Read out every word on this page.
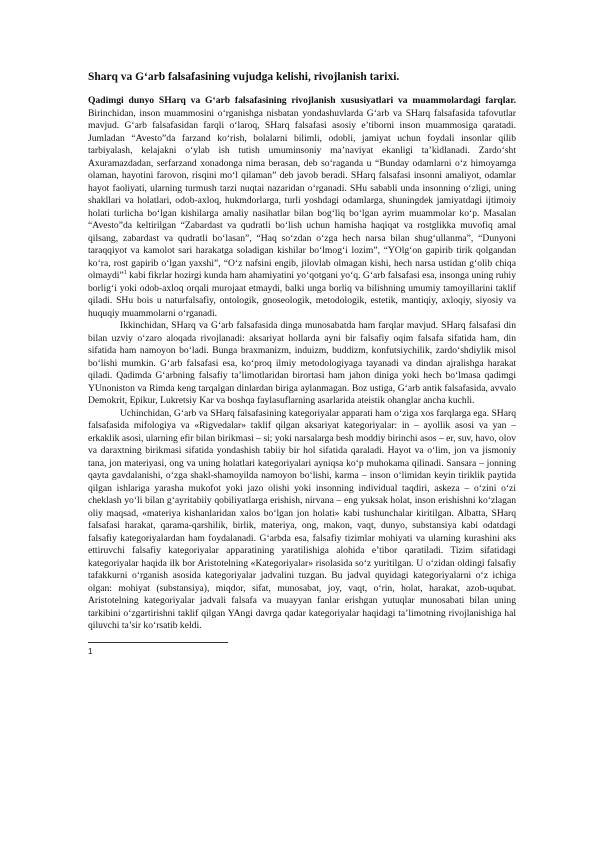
Sharq va G‘arb falsafasining vujudga kelishi, rivojlanish tarixi.

Qadimgi dunyo SHarq va G‘arb falsafasining rivojlanish xususiyatlari va muammolardagi farqlar. Birinchidan, inson muammosini o‘rganishga nisbatan yondashuvlarda G‘arb va SHarq falsafasida tafovutlar mavjud. G‘arb falsafasidan farqli o‘laroq, SHarq falsafasi asosiy e’tiborni inson muammosiga qaratadi. Jumladan “Avesto”da farzand ko‘rish, bolalarni bilimli, odobli, jamiyat uchun foydali insonlar qilib tarbiyalash, kelajakni o‘ylab ish tutish umuminsoniy ma’naviyat ekanligi ta’kidlanadi. Zardo‘sht Axuramazdadan, serfarzand xonadonga nima berasan, deb so‘raganda u “Bunday odamlarni o‘z himoyamga olaman, hayotini farovon, risqini mo‘l qilaman” deb javob beradi. SHarq falsafasi insonni amaliyot, odamlar hayot faoliyati, ularning turmush tarzi nuqtai nazaridan o‘rganadi. SHu sababli unda insonning o‘zligi, uning shakllari va holatlari, odob-axloq, hukmdorlarga, turli yoshdagi odamlarga, shuningdek jamiyatdagi ijtimoiy holati turlicha bo‘lgan kishilarga amaliy nasihatlar bilan bog‘liq bo‘lgan ayrim muammolar ko‘p. Masalan “Avesto”da keltirilgan “Zabardast va qudratli bo‘lish uchun hamisha haqiqat va rostglikka muvofiq amal qilsang, zabardast va qudratli bo‘lasan”, “Haq so‘zdan o‘zga hech narsa bilan shug‘ullanma”, “Dunyoni taraqqiyot va kamolot sari harakatga soladigan kishilar bo‘lmog‘i lozim”, “YOlg‘on gapirib tirik qolgandan ko‘ra, rost gapirib o‘lgan yaxshi”, “O‘z nafsini engib, jilovlab olmagan kishi, hech narsa ustidan g‘olib chiqa olmaydi”$^1$ kabi fikrlar hozirgi kunda ham ahamiyatini yo‘qotgani yo‘q. G‘arb falsafasi esa, insonga uning ruhiy borlig‘i yoki odob-axloq orqali murojaat etmaydi, balki unga borliq va bilishning umumiy tamoyillarini taklif qiladi. SHu bois u naturfalsafiy, ontologik, gnoseologik, metodologik, estetik, mantiqiy, axloqiy, siyosiy va huquqiy muammolarni o‘rganadi.

Ikkinchidan, SHarq va G‘arb falsafasida dinga munosabatda ham farqlar mavjud. SHarq falsafasi din bilan uzviy o‘zaro aloqada rivojlanadi: aksariyat hollarda ayni bir falsafiy oqim falsafa sifatida ham, din sifatida ham namoyon bo‘ladi. Bunga braxmanizm, induizm, buddizm, konfutsiychilik, zardo‘shdiylik misol bo‘lishi mumkin. G‘arb falsafasi esa, ko‘proq ilmiy metodologiyaga tayanadi va dindan ajralishga harakat qiladi. Qadimda G‘arbning falsafiy ta’limotlaridan birortasi ham jahon diniga yoki hech bo‘lmasa qadimgi YUnoniston va Rimda keng tarqalgan dinlardan biriga aylanmagan. Boz ustiga, G‘arb antik falsafasida, avvalo Demokrit, Epikur, Lukretsiy Kar va boshqa faylasuflarning asarlarida ateistik ohanglar ancha kuchli.

Uchinchidan, G‘arb va SHarq falsafasining kategoriyalar apparati ham o‘ziga xos farqlarga ega. SHarq falsafasida mifologiya va «Rigvedalar» taklif qilgan aksariyat kategoriyalar: in – ayollik asosi va yan – erkaklik asosi, ularning efir bilan birikmasi – si; yoki narsalarga besh moddiy birinchi asos – er, suv, havo, olov va daraxtning birikmasi sifatida yondashish tabiiy bir hol sifatida qaraladi. Hayot va o‘lim, jon va jismoniy tana, jon materiyasi, ong va uning holatlari kategoriyalari ayniqsa ko‘p muhokama qilinadi. Sansara – jonning qayta gavdalanishi, o‘zga shakl-shamoyilda namoyon bo‘lishi, karma – inson o‘limidan keyin tiriklik paytida qilgan ishlariga yarasha mukofot yoki jazo olishi yoki insonning individual taqdiri, askeza – o‘zini o‘zi cheklash yo‘li bilan g‘ayritabiiy qobiliyatlarga erishish, nirvana – eng yuksak holat, inson erishishni ko‘zlagan oliy maqsad, «materiya kishanlaridan xalos bo‘lgan jon holati» kabi tushunchalar kiritilgan. Albatta, SHarq falsafasi harakat, qarama-qarshilik, birlik, materiya, ong, makon, vaqt, dunyo, substansiya kabi odatdagi falsafiy kategoriyalardan ham foydalanadi. G‘arbda esa, falsafiy tizimlar mohiyati va ularning kurashini aks ettiruvchi falsafiy kategoriyalar apparatining yaratilishiga alohida e’tibor qaratiladi. Tizim sifatidagi kategoriyalar haqida ilk bor Aristotelning «Kategoriyalar» risolasida so‘z yuritilgan. U o‘zidan oldingi falsafiy tafakkurni o‘rganish asosida kategoriyalar jadvalini tuzgan. Bu jadval quyidagi kategoriyalarni o‘z ichiga olgan: mohiyat (substansiya), miqdor, sifat, munosabat, joy, vaqt, o‘rin, holat, harakat, azob-uqubat. Aristotelning kategoriyalar jadvali falsafa va muayyan fanlar erishgan yutuqlar munosabati bilan uning tarkibini o‘zgartirishni taklif qilgan YAngi davrga qadar kategoriyalar haqidagi ta’limotning rivojlanishiga hal qiluvchi ta’sir ko‘rsatib keldi.

1
